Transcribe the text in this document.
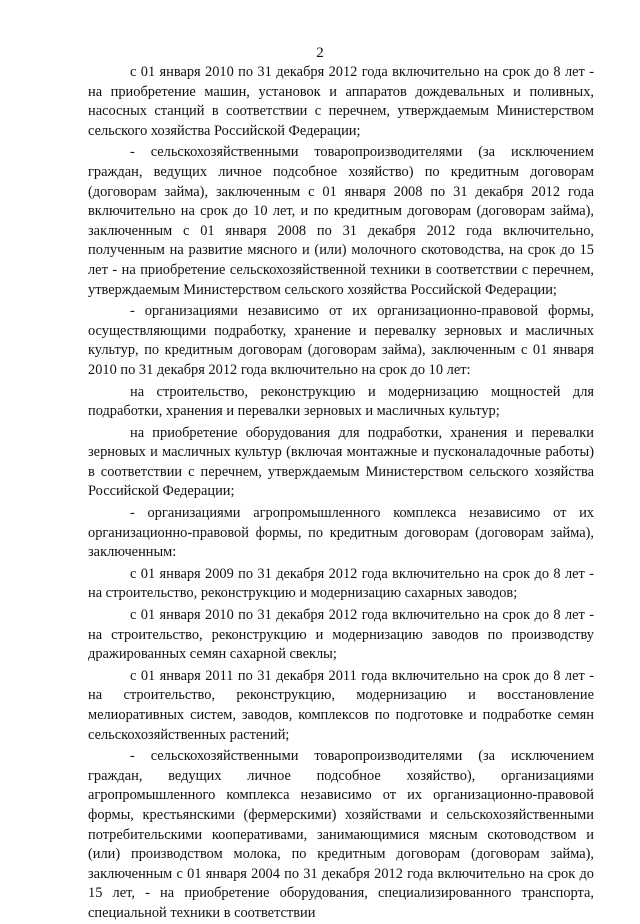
2

с 01 января 2010 по 31 декабря 2012 года включительно на срок до 8 лет - на приобретение машин, установок и аппаратов дождевальных и поливных, насосных станций в соответствии с перечнем, утверждаемым Министерством сельского хозяйства Российской Федерации;

- сельскохозяйственными товаропроизводителями (за исключением граждан, ведущих личное подсобное хозяйство) по кредитным договорам (договорам займа), заключенным с 01 января 2008 по 31 декабря 2012 года включительно на срок до 10 лет, и по кредитным договорам (договорам займа), заключенным с 01 января 2008 по 31 декабря 2012 года включительно, полученным на развитие мясного и (или) молочного скотоводства, на срок до 15 лет - на приобретение сельскохозяйственной техники в соответствии с перечнем, утверждаемым Министерством сельского хозяйства Российской Федерации;

- организациями независимо от их организационно-правовой формы, осуществляющими подработку, хранение и перевалку зерновых и масличных культур, по кредитным договорам (договорам займа), заключенным с 01 января 2010 по 31 декабря 2012 года включительно на срок до 10 лет:

на строительство, реконструкцию и модернизацию мощностей для подработки, хранения и перевалки зерновых и масличных культур;

на приобретение оборудования для подработки, хранения и перевалки зерновых и масличных культур (включая монтажные и пусконаладочные работы) в соответствии с перечнем, утверждаемым Министерством сельского хозяйства Российской Федерации;

- организациями агропромышленного комплекса независимо от их организационно-правовой формы, по кредитным договорам (договорам займа), заключенным:

с 01 января 2009 по 31 декабря 2012 года включительно на срок до 8 лет - на строительство, реконструкцию и модернизацию сахарных заводов;

с 01 января 2010 по 31 декабря 2012 года включительно на срок до 8 лет - на строительство, реконструкцию и модернизацию заводов по производству дражированных семян сахарной свеклы;

с 01 января 2011 по 31 декабря 2011 года включительно на срок до 8 лет - на строительство, реконструкцию, модернизацию и восстановление мелиоративных систем, заводов, комплексов по подготовке и подработке семян сельскохозяйственных растений;

- сельскохозяйственными товаропроизводителями (за исключением граждан, ведущих личное подсобное хозяйство), организациями агропромышленного комплекса независимо от их организационно-правовой формы, крестьянскими (фермерскими) хозяйствами и сельскохозяйственными потребительскими кооперативами, занимающимися мясным скотоводством и (или) производством молока, по кредитным договорам (договорам займа), заключенным с 01 января 2004 по 31 декабря 2012 года включительно на срок до 15 лет, - на приобретение оборудования, специализированного транспорта, специальной техники в соответствии
